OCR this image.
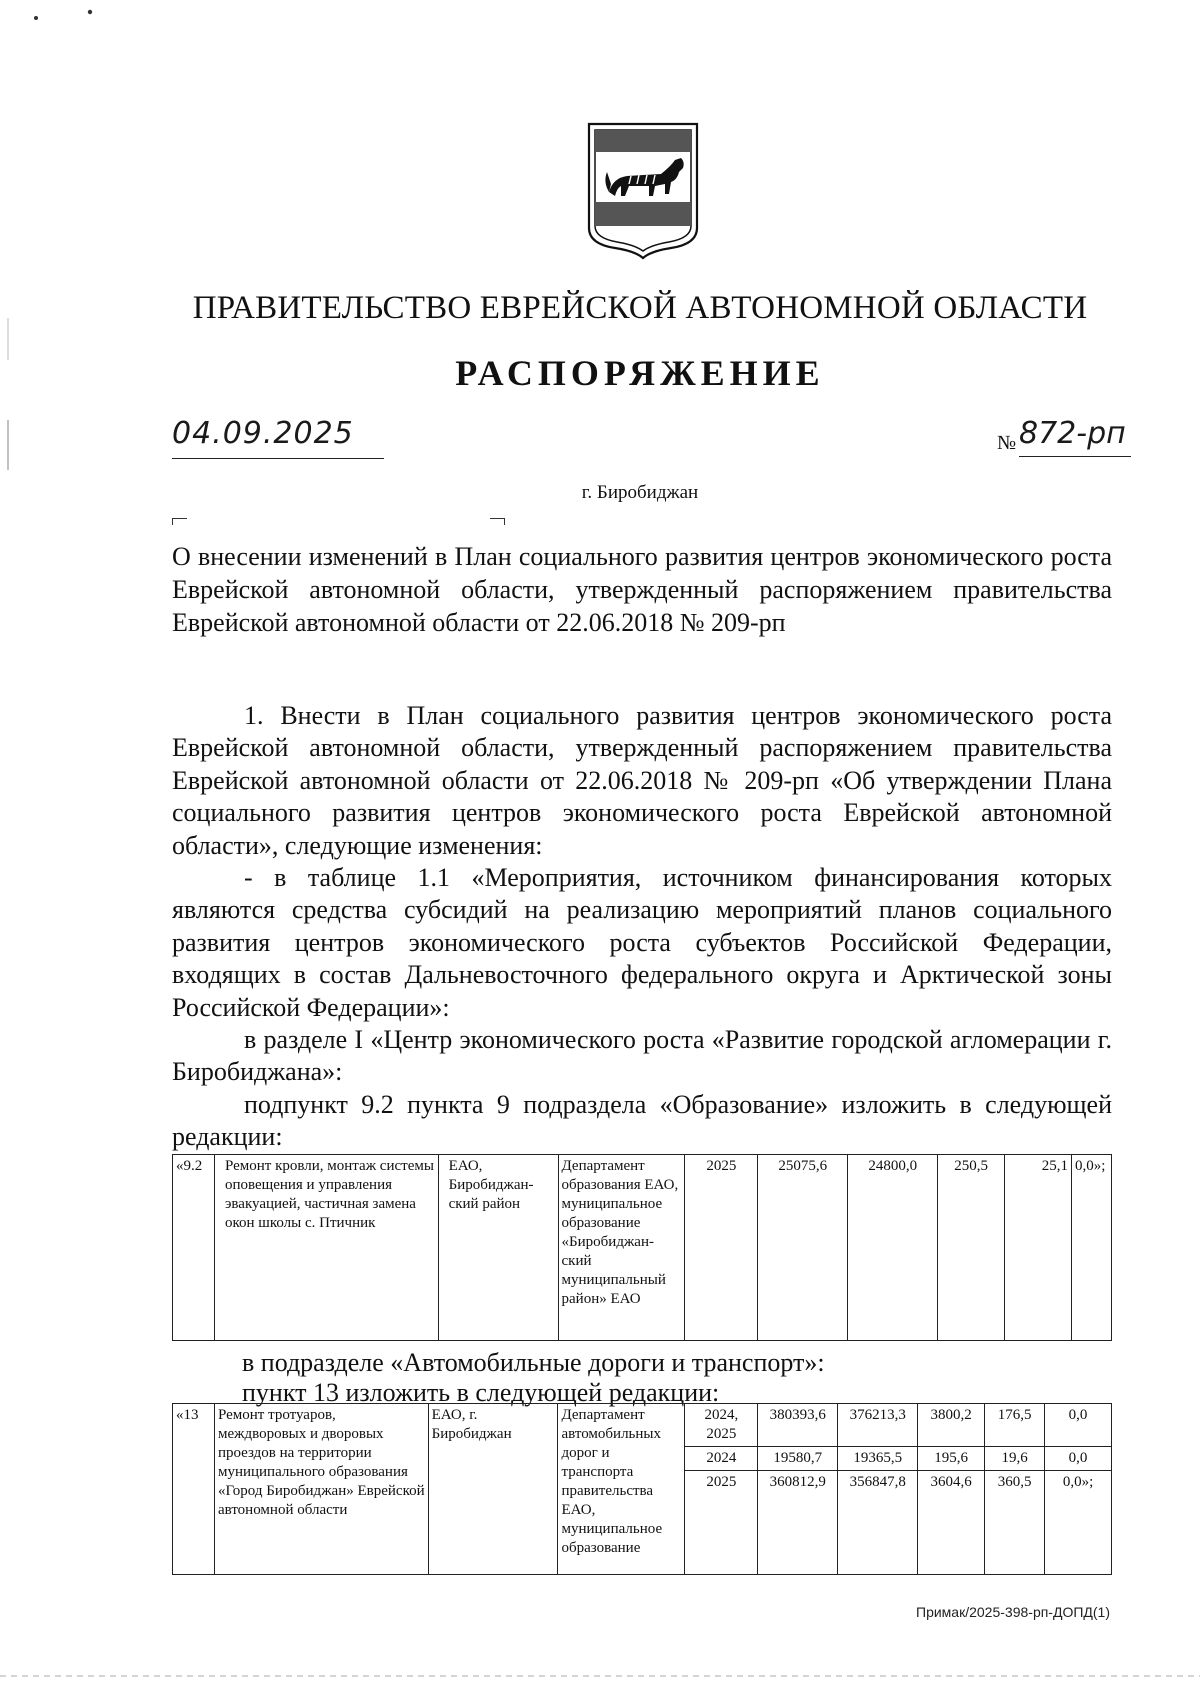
ПРАВИТЕЛЬСТВО ЕВРЕЙСКОЙ АВТОНОМНОЙ ОБЛАСТИ
РАСПОРЯЖЕНИЕ
04.09.2025	№ 872-рп
г. Биробиджан
О внесении изменений в План социального развития центров экономического роста Еврейской автономной области, утвержденный распоряжением правительства Еврейской автономной области от 22.06.2018 № 209-рп

1. Внести в План социального развития центров экономического роста Еврейской автономной области, утвержденный распоряжением правительства Еврейской автономной области от 22.06.2018 № 209-рп «Об утверждении Плана социального развития центров экономического роста Еврейской автономной области», следующие изменения:

- в таблице 1.1 «Мероприятия, источником финансирования которых являются средства субсидий на реализацию мероприятий планов социального развития центров экономического роста субъектов Российской Федерации, входящих в состав Дальневосточного федерального округа и Арктической зоны Российской Федерации»:

в разделе I «Центр экономического роста «Развитие городской агломерации г. Биробиджана»:

подпункт 9.2 пункта 9 подраздела «Образование» изложить в следующей редакции:

«9.2	Ремонт кровли, монтаж системы оповещения и управления эвакуацией, частичная замена окон школы с. Птичник	ЕАО, Биробиджан-ский район	Департамент образования ЕАО, муниципальное образование «Биробиджан-ский муниципальный район» ЕАО	2025	25075,6	24800,0	250,5	25,1	0,0»;

в подразделе «Автомобильные дороги и транспорт»:

пункт 13 изложить в следующей редакции:

«13	Ремонт тротуаров, междворовых и дворовых проездов на территории муниципального образования «Город Биробиджан» Еврейской автономной области	ЕАО, г. Биробиджан	Департамент автомобильных дорог и транспорта правительства ЕАО, муниципальное образование	2024, 2025	380393,6	376213,3	3800,2	176,5	0,0
				2024	19580,7	19365,5	195,6	19,6	0,0
				2025	360812,9	356847,8	3604,6	360,5	0,0»;
Примак/2025-398-рп-ДОПД(1)
